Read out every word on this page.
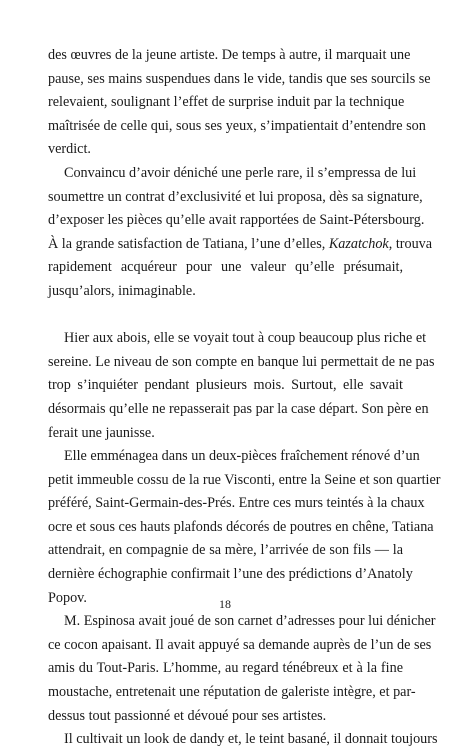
des œuvres de la jeune artiste. De temps à autre, il marquait une
pause, ses mains suspendues dans le vide, tandis que ses sourcils se
relevaient, soulignant l’effet de surprise induit par la technique
maîtrisée de celle qui, sous ses yeux, s’impatientait d’entendre son
verdict.

Convaincu d’avoir déniché une perle rare, il s’empressa de lui
soumettre un contrat d’exclusivité et lui proposa, dès sa signature,
d’exposer les pièces qu’elle avait rapportées de Saint-Pétersbourg.
À la grande satisfaction de Tatiana, l’une d’elles, Kazatchok, trouva
rapidement acquéreur pour une valeur qu’elle présumait,
jusqu’alors, inimaginable.

Hier aux abois, elle se voyait tout à coup beaucoup plus riche et
sereine. Le niveau de son compte en banque lui permettait de ne pas
trop s’inquiéter pendant plusieurs mois. Surtout, elle savait
désormais qu’elle ne repasserait pas par la case départ. Son père en
ferait une jaunisse.

Elle emménagea dans un deux-pièces fraîchement rénové d’un
petit immeuble cossu de la rue Visconti, entre la Seine et son quartier
préféré, Saint-Germain-des-Prés. Entre ces murs teintés à la chaux
ocre et sous ces hauts plafonds décorés de poutres en chêne, Tatiana
attendrait, en compagnie de sa mère, l’arrivée de son fils — la
dernière échographie confirmait l’une des prédictions d’Anatoly
Popov.

M. Espinosa avait joué de son carnet d’adresses pour lui dénicher
ce cocon apaisant. Il avait appuyé sa demande auprès de l’un de ses
amis du Tout-Paris. L’homme, au regard ténébreux et à la fine
moustache, entretenait une réputation de galeriste intègre, et par-
dessus tout passionné et dévoué pour ses artistes.

Il cultivait un look de dandy et, le teint basané, il donnait toujours

18
